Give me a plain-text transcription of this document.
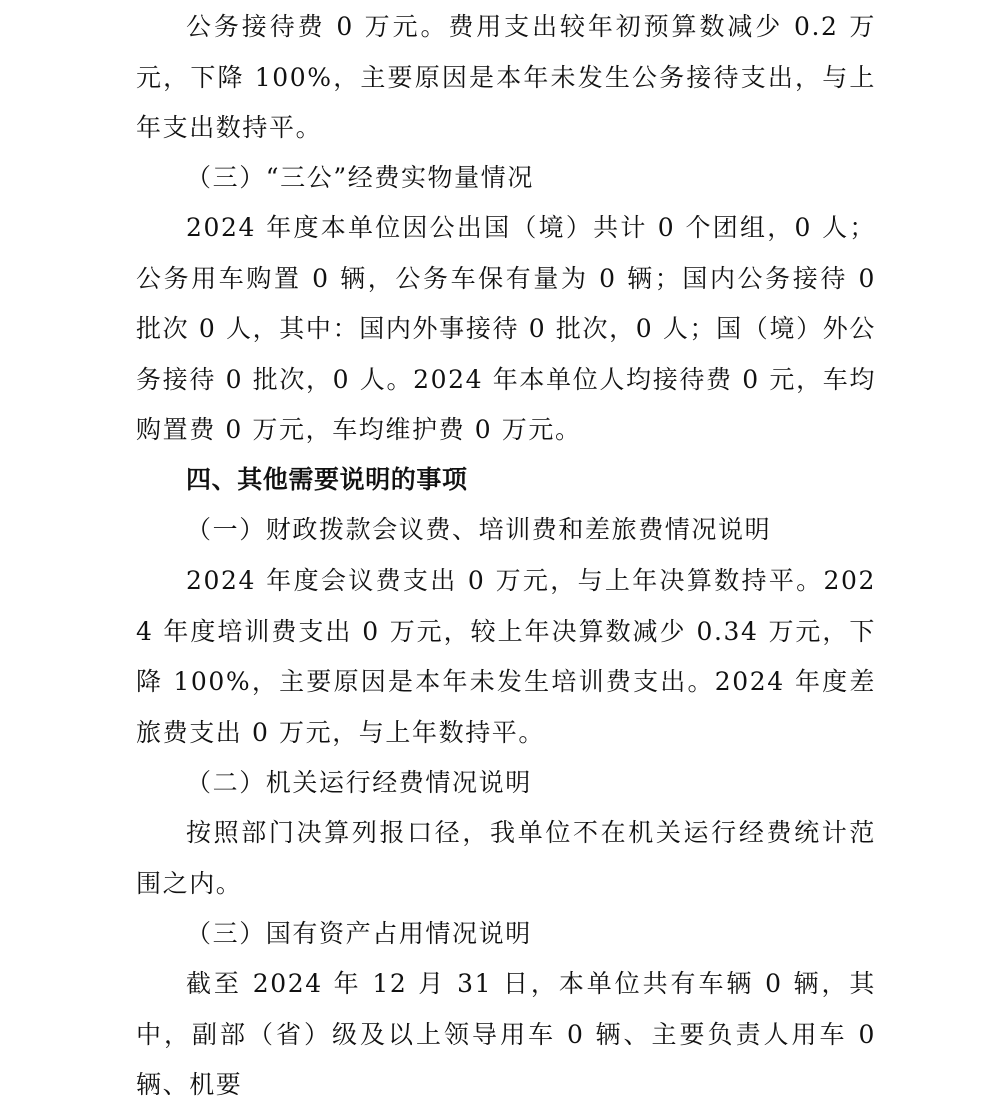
公务接待费 0 万元。费用支出较年初预算数减少 0.2 万元，下降 100%，主要原因是本年未发生公务接待支出，与上年支出数持平。

（三）“三公”经费实物量情况

2024 年度本单位因公出国（境）共计 0 个团组，0 人；公务用车购置 0 辆，公务车保有量为 0 辆；国内公务接待 0 批次 0 人，其中：国内外事接待 0 批次，0 人；国（境）外公务接待 0 批次，0 人。2024 年本单位人均接待费 0 元，车均购置费 0 万元，车均维护费 0 万元。

四、其他需要说明的事项

（一）财政拨款会议费、培训费和差旅费情况说明

2024 年度会议费支出 0 万元，与上年决算数持平。2024 年度培训费支出 0 万元，较上年决算数减少 0.34 万元，下降 100%，主要原因是本年未发生培训费支出。2024 年度差旅费支出 0 万元，与上年数持平。

（二）机关运行经费情况说明

按照部门决算列报口径，我单位不在机关运行经费统计范围之内。

（三）国有资产占用情况说明

截至 2024 年 12 月 31 日，本单位共有车辆 0 辆，其中，副部（省）级及以上领导用车 0 辆、主要负责人用车 0 辆、机要
